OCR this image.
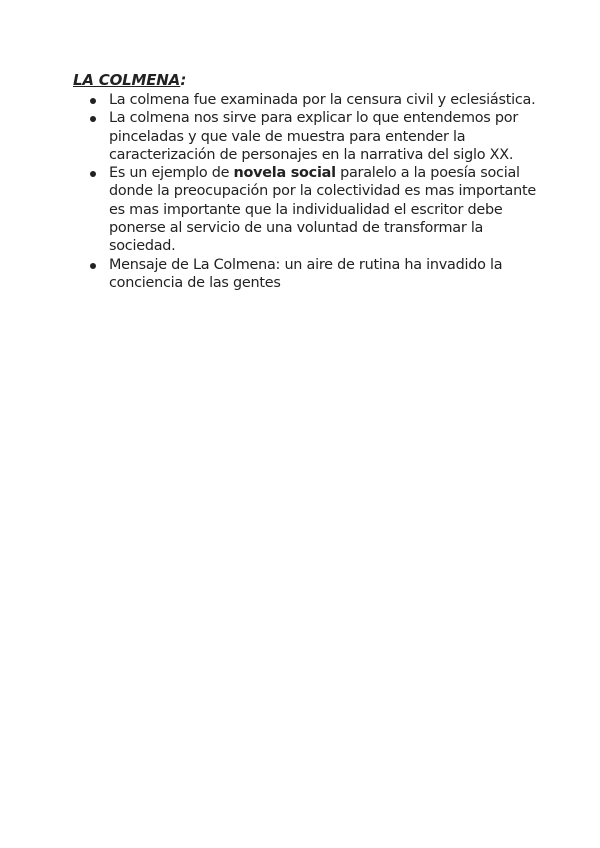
LA COLMENA:
La colmena fue examinada por la censura civil y eclesiástica.
La colmena nos sirve para explicar lo que entendemos por pinceladas y que vale de muestra para entender la caracterización de personajes en la narrativa del siglo XX.
Es un ejemplo de novela social paralelo a la poesía social donde la preocupación por la colectividad es mas importante es mas importante que la individualidad el escritor debe ponerse al servicio de una voluntad de transformar la sociedad.
Mensaje de La Colmena: un aire de rutina ha invadido la conciencia de las gentes
